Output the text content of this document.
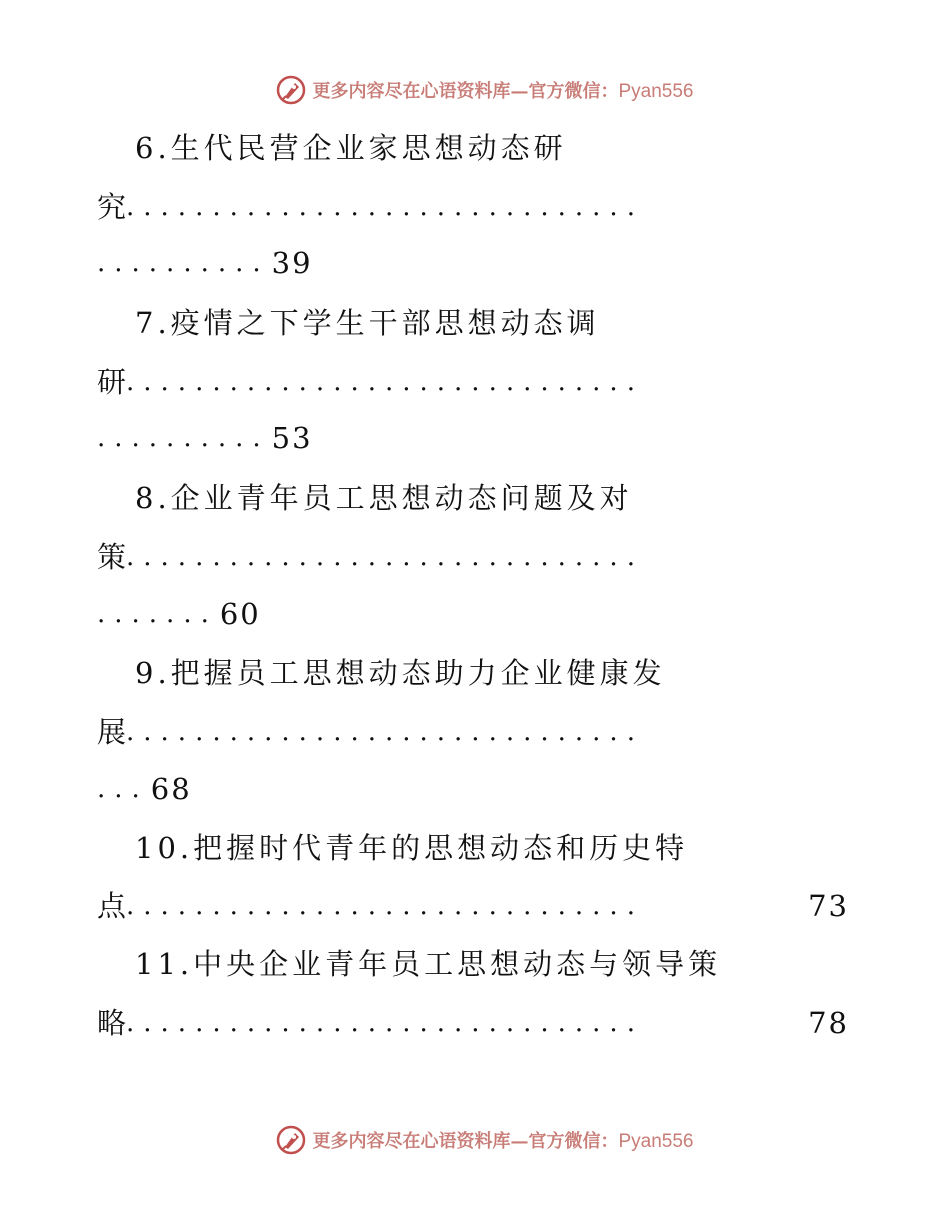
更多内容尽在心语资料库—官方微信：Pyan556
6.生代民营企业家思想动态研
究 ..............................
.......... 39
7.疫情之下学生干部思想动态调
研 ..............................
.......... 53
8.企业青年员工思想动态问题及对
策 ..............................
....... 60
9.把握员工思想动态助力企业健康发
展 ..............................
... 68
10.把握时代青年的思想动态和历史特
点 ..............................	73
11.中央企业青年员工思想动态与领导策
略 ..............................	78
更多内容尽在心语资料库—官方微信：Pyan556
